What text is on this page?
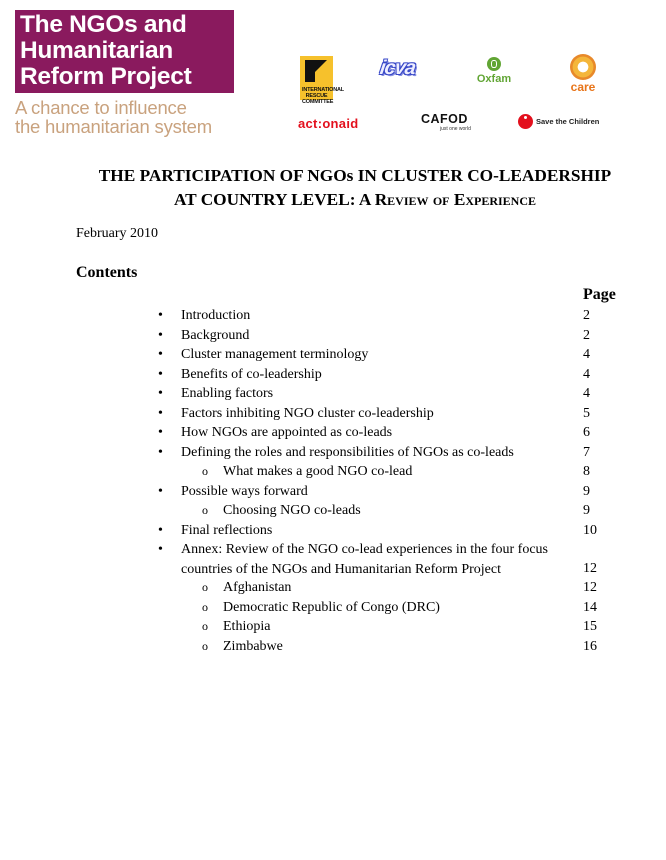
The NGOs and
Humanitarian
Reform Project
A chance to influence
the humanitarian system
INTERNATIONAL RESCUE COMMITTEE
icva	Oxfam
care
act:onaid	CAFOD
just one world
Save the Children
THE PARTICIPATION OF NGOs IN CLUSTER CO-LEADERSHIP
AT COUNTRY LEVEL: A Review of Experience
February 2010
Contents
Page
• Introduction	2
• Background	2
• Cluster management terminology	4
• Benefits of co-leadership	4
• Enabling factors	4
• Factors inhibiting NGO cluster co-leadership	5
• How NGOs are appointed as co-leads	6
• Defining the roles and responsibilities of NGOs as co-leads	7
o What makes a good NGO co-lead	8
• Possible ways forward	9
o Choosing NGO co-leads	9
• Final reflections	10
• Annex: Review of the NGO co-lead experiences in the four focus countries of the NGOs and Humanitarian Reform Project	12
o Afghanistan	12
o Democratic Republic of Congo (DRC)	14
o Ethiopia	15
o Zimbabwe	16
